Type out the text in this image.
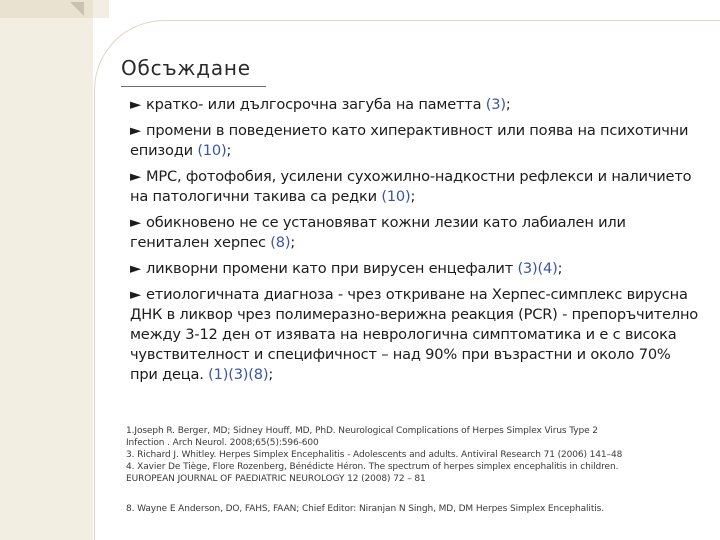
Обсъждане
► кратко- или дългосрочна загуба на паметта (3);
► промени в поведението като хиперактивност или поява на психотични епизоди (10);
► МРС, фотофобия, усилени сухожилно-надкостни рефлекси и наличието на патологични такива са редки (10);
► обикновено не се установяват кожни лезии като лабиален или генитален херпес (8);
► ликворни промени като при вирусен енцефалит (3)(4);
► етиологичната диагноза - чрез откриване на Херпес-симплекс вирусна ДНК в ликвор чрез полимеразно-верижна реакция (PCR) - препоръчително между 3-12 ден от изявата на неврологична симптоматика и е с висока чувствителност и специфичност – над 90% при възрастни и около 70% при деца. (1)(3)(8);
1.Joseph R. Berger, MD; Sidney Houff, MD, PhD. Neurological Complications of Herpes Simplex Virus Type 2
Infection . Arch Neurol. 2008;65(5):596-600
3. Richard J. Whitley. Herpes Simplex Encephalitis - Adolescents and adults. Antiviral Research 71 (2006) 141–48
4. Xavier De Tiège, Flore Rozenberg, Bénédicte Héron. The spectrum of herpes simplex encephalitis in children.
EUROPEAN JOURNAL OF PAEDIATRIC NEUROLOGY 12 (2008) 72 – 81
8. Wayne E Anderson, DO, FAHS, FAAN; Chief Editor: Niranjan N Singh, MD, DM Herpes Simplex Encephalitis.
